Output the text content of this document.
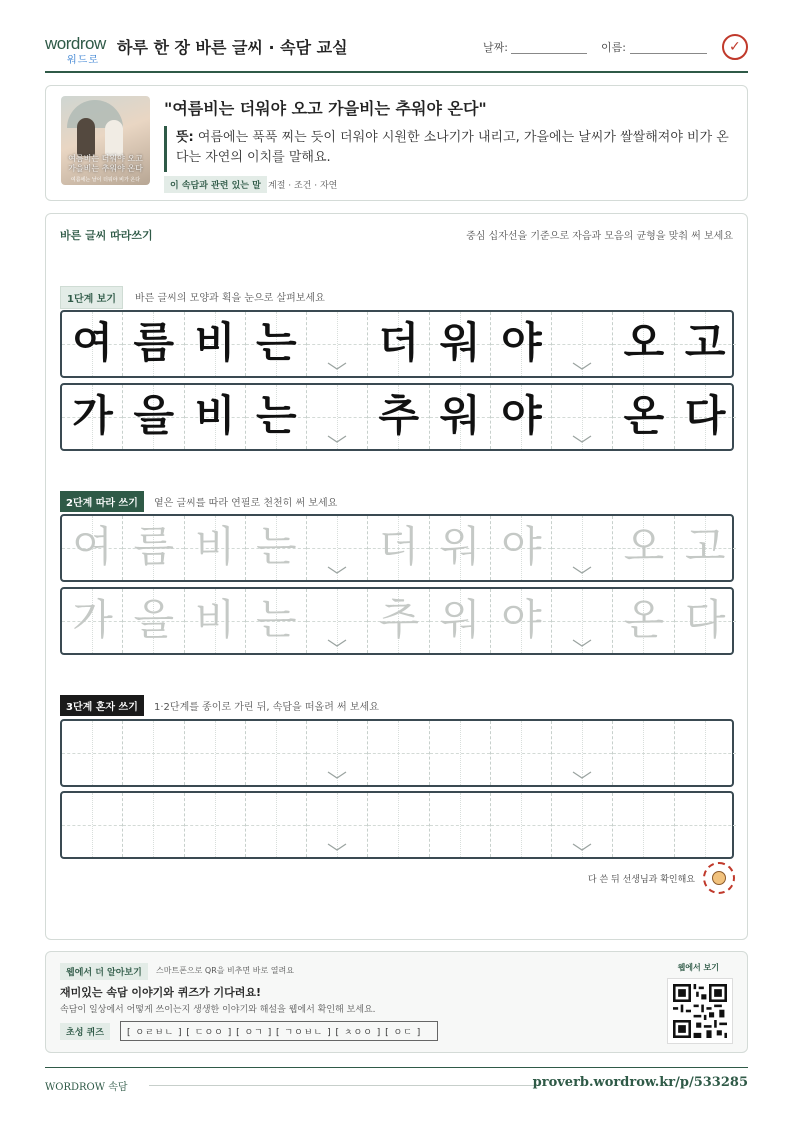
wordrow
워드로
하루 한 장 바른 글씨 · 속담 교실	날짜:	이름:	✓
여름비는 더워야 오고
가을비는 추워야 온다
여름에는 날이 더워야 비가 온다
"여름비는 더워야 오고 가을비는 추워야 온다"
뜻: 여름에는 푹푹 찌는 듯이 더워야 시원한 소나기가 내리고, 가을에는 날씨가 쌀쌀해져야 비가 온다는 자연의 이치를 말해요.
이 속담과 관련 있는 말 계절 · 조건 · 자연
바른 글씨 따라쓰기	중심 십자선을 기준으로 자음과 모음의 균형을 맞춰 써 보세요
1단계 보기	바른 글씨의 모양과 획을 눈으로 살펴보세요
여 름 비 는 더 워 야 오 고
가 을 비 는 추 워 야 온 다
2단계 따라 쓰기	옅은 글씨를 따라 연필로 천천히 써 보세요
여 름 비 는 더 워 야 오 고
가 을 비 는 추 워 야 온 다
3단계 혼자 쓰기	1·2단계를 종이로 가린 뒤, 속담을 떠올려 써 보세요
다 쓴 뒤 선생님과 확인해요
웹에서 더 알아보기	스마트폰으로 QR을 비추면 바로 열려요
재미있는 속담 이야기와 퀴즈가 기다려요!
속담이 일상에서 어떻게 쓰이는지 생생한 이야기와 해설을 웹에서 확인해 보세요.
초성 퀴즈	[ ㅇㄹㅂㄴ ] [ ㄷㅇㅇ ] [ ㅇㄱ ] [ ㄱㅇㅂㄴ ] [ ㅊㅇㅇ ] [ ㅇㄷ ]
웹에서 보기
WORDROW 속담	proverb.wordrow.kr/p/533285
